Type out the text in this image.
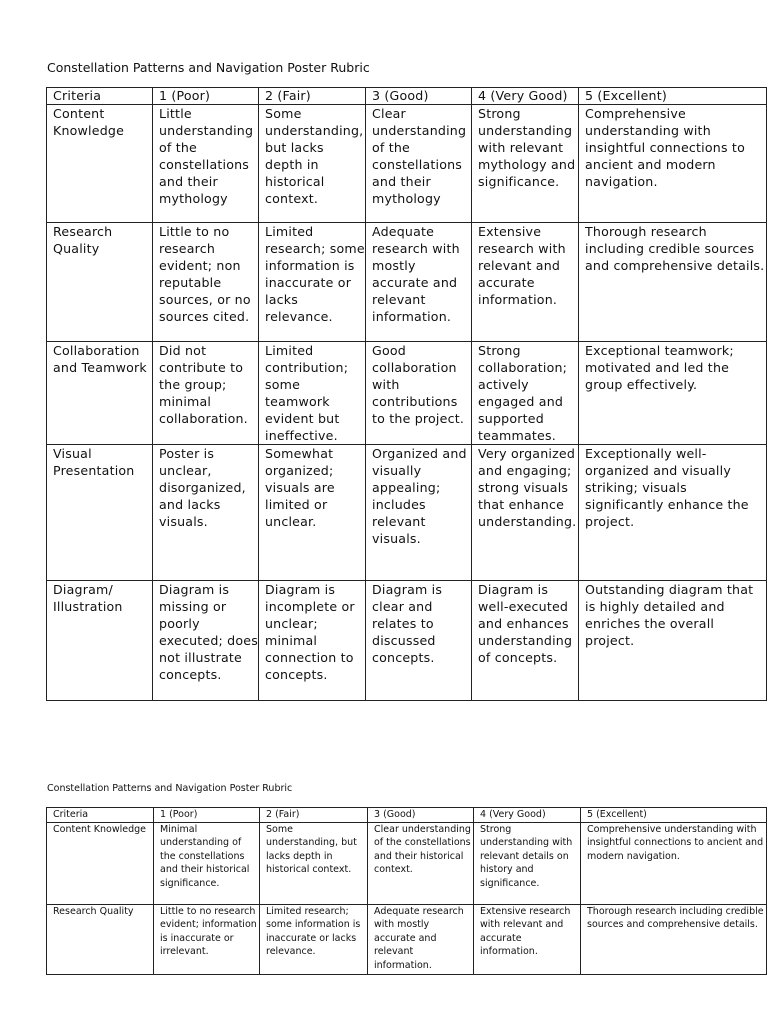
Constellation Patterns and Navigation Poster Rubric
Criteria	1 (Poor)	2 (Fair)	3 (Good)	4 (Very Good)	5 (Excellent)
Content Knowledge	Little understanding of the constellations and their mythology	Some understanding, but lacks depth in historical context.	Clear understanding of the constellations and their mythology	Strong understanding with relevant mythology and significance.	Comprehensive understanding with insightful connections to ancient and modern navigation.
Research Quality	Little to no research evident; non reputable sources, or no sources cited.	Limited research; some information is inaccurate or lacks relevance.	Adequate research with mostly accurate and relevant information.	Extensive research with relevant and accurate information.	Thorough research including credible sources and comprehensive details.
Collaboration and Teamwork	Did not contribute to the group; minimal collaboration.	Limited contribution; some teamwork evident but ineffective.	Good collaboration with contributions to the project.	Strong collaboration; actively engaged and supported teammates.	Exceptional teamwork; motivated and led the group effectively.
Visual Presentation	Poster is unclear, disorganized, and lacks visuals.	Somewhat organized; visuals are limited or unclear.	Organized and visually appealing; includes relevant visuals.	Very organized and engaging; strong visuals that enhance understanding.	Exceptionally well-organized and visually striking; visuals significantly enhance the project.
Diagram/ Illustration	Diagram is missing or poorly executed; does not illustrate concepts.	Diagram is incomplete or unclear; minimal connection to concepts.	Diagram is clear and relates to discussed concepts.	Diagram is well-executed and enhances understanding of concepts.	Outstanding diagram that is highly detailed and enriches the overall project.
Constellation Patterns and Navigation Poster Rubric
Criteria	1 (Poor)	2 (Fair)	3 (Good)	4 (Very Good)	5 (Excellent)
Content Knowledge	Minimal understanding of the constellations and their historical significance.	Some understanding, but lacks depth in historical context.	Clear understanding of the constellations and their historical context.	Strong understanding with relevant details on history and significance.	Comprehensive understanding with insightful connections to ancient and modern navigation.
Research Quality	Little to no research evident; information is inaccurate or irrelevant.	Limited research; some information is inaccurate or lacks relevance.	Adequate research with mostly accurate and relevant information.	Extensive research with relevant and accurate information.	Thorough research including credible sources and comprehensive details.
